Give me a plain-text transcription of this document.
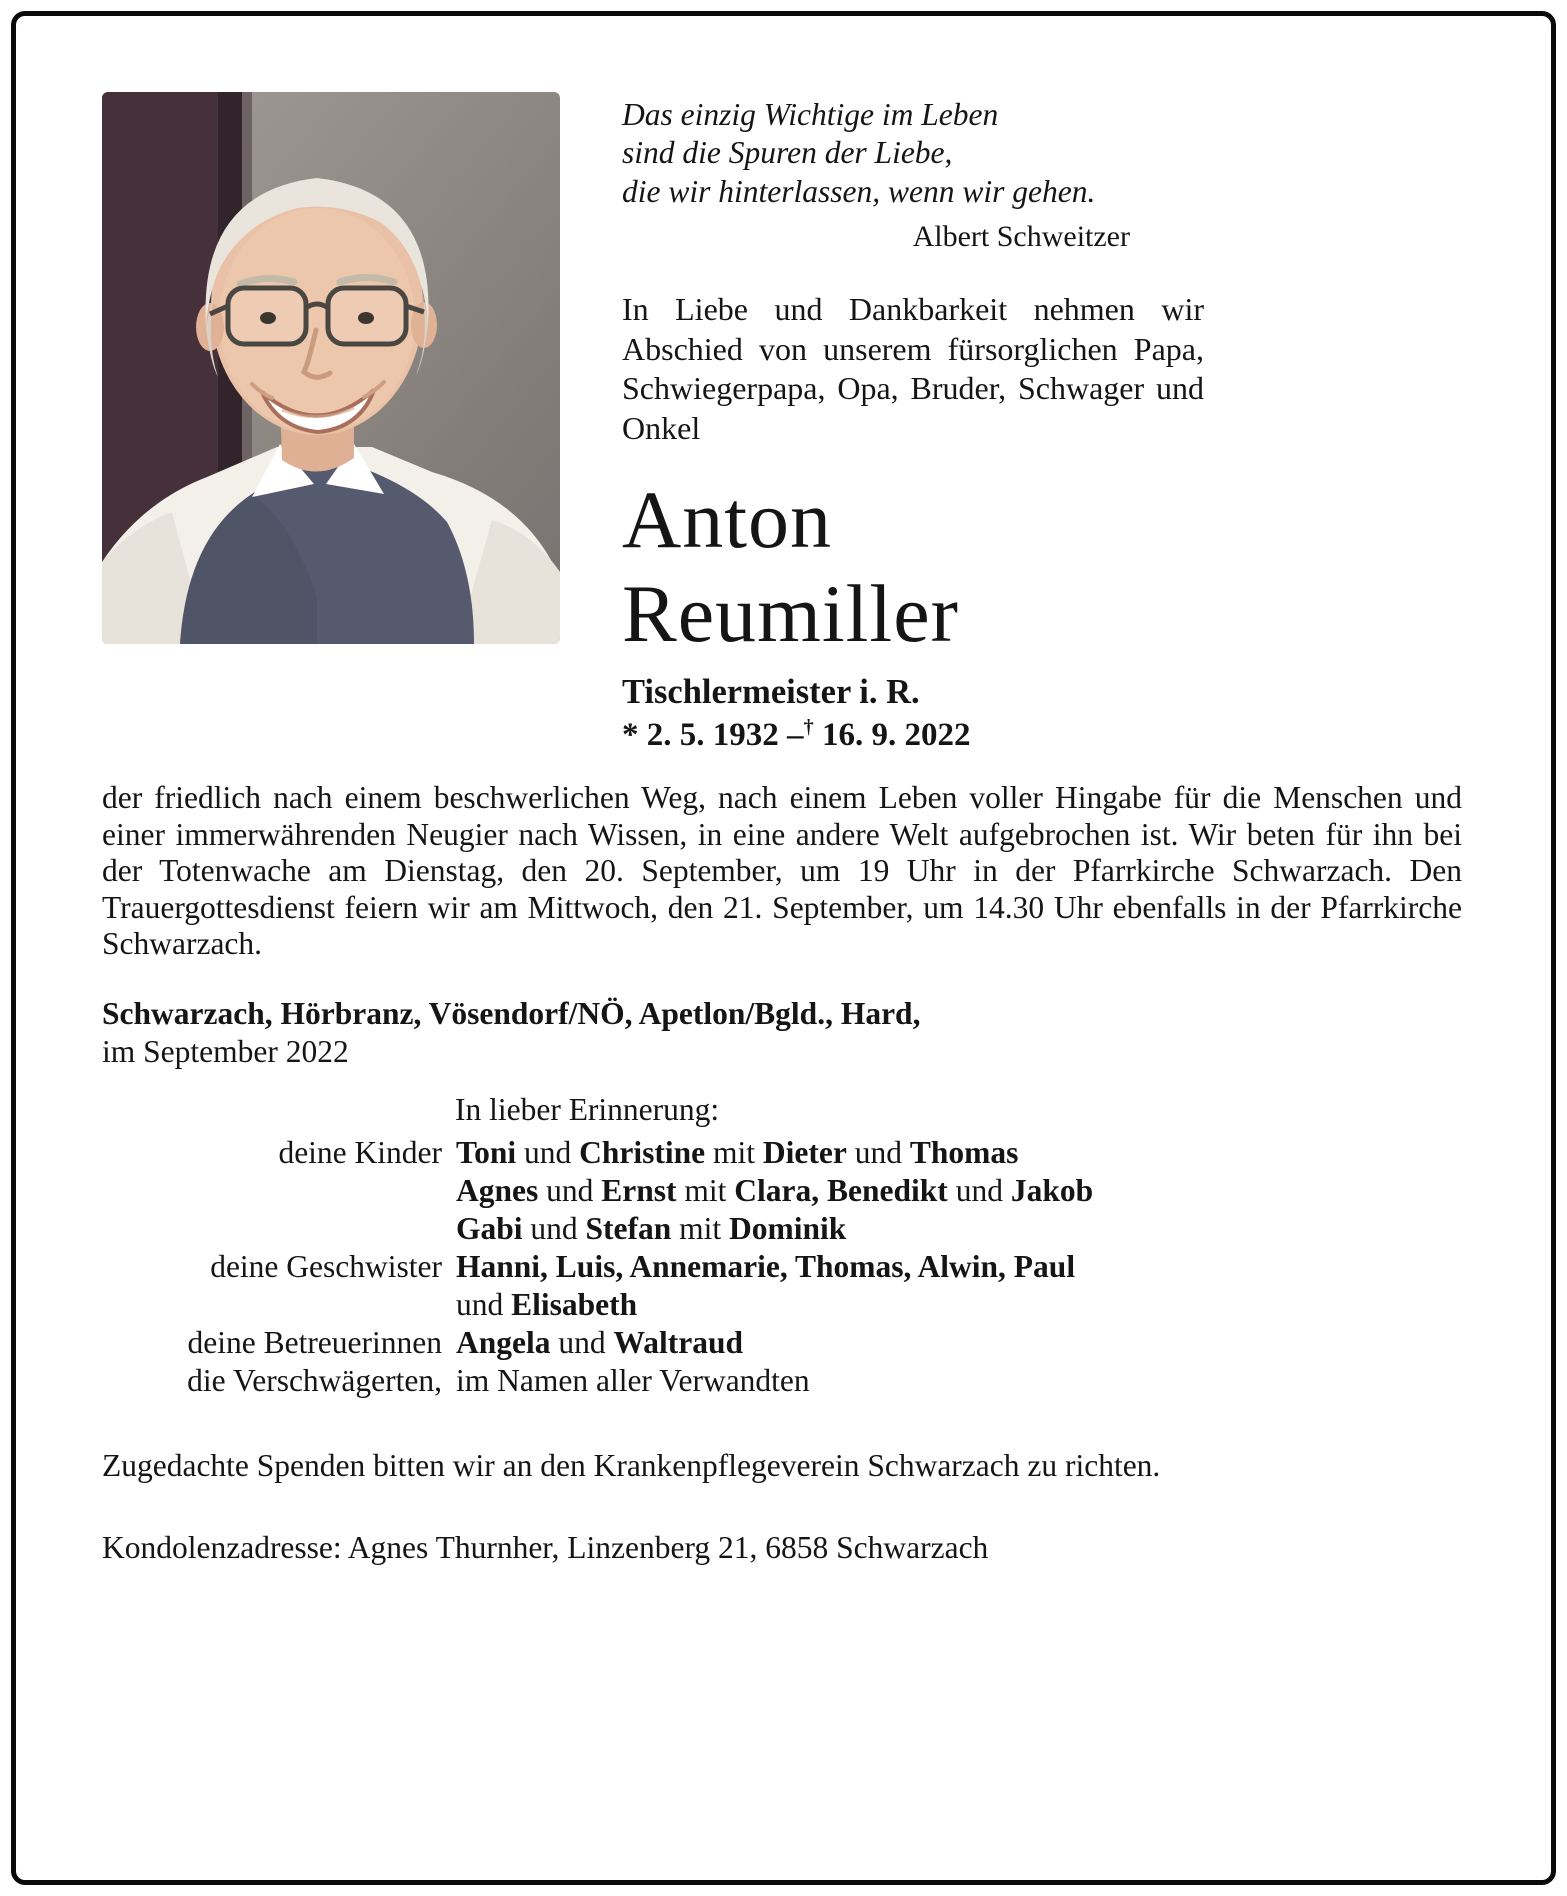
Das einzig Wichtige im Leben
sind die Spuren der Liebe,
die wir hinterlassen, wenn wir gehen.
Albert Schweitzer

In Liebe und Dankbarkeit nehmen wir Abschied von unserem fürsorglichen Papa, Schwiegerpapa, Opa, Bruder, Schwager und Onkel

Anton
Reumiller
Tischlermeister i. R.
* 2. 5. 1932 –† 16. 9. 2022

der friedlich nach einem beschwerlichen Weg, nach einem Leben voller Hingabe für die Menschen und einer immerwährenden Neugier nach Wissen, in eine andere Welt aufgebrochen ist. Wir beten für ihn bei der Totenwache am Dienstag, den 20. September, um 19 Uhr in der Pfarrkirche Schwarzach. Den Trauergottesdienst feiern wir am Mittwoch, den 21. September, um 14.30 Uhr ebenfalls in der Pfarrkirche Schwarzach.

Schwarzach, Hörbranz, Vösendorf/NÖ, Apetlon/Bgld., Hard,
im September 2022
In lieber Erinnerung:
deine Kinder Toni und Christine mit Dieter und Thomas
Agnes und Ernst mit Clara, Benedikt und Jakob
Gabi und Stefan mit Dominik
deine Geschwister Hanni, Luis, Annemarie, Thomas, Alwin, Paul
und Elisabeth
deine Betreuerinnen Angela und Waltraud
die Verschwägerten, im Namen aller Verwandten

Zugedachte Spenden bitten wir an den Krankenpflegeverein Schwarzach zu richten.

Kondolenzadresse: Agnes Thurnher, Linzenberg 21, 6858 Schwarzach
